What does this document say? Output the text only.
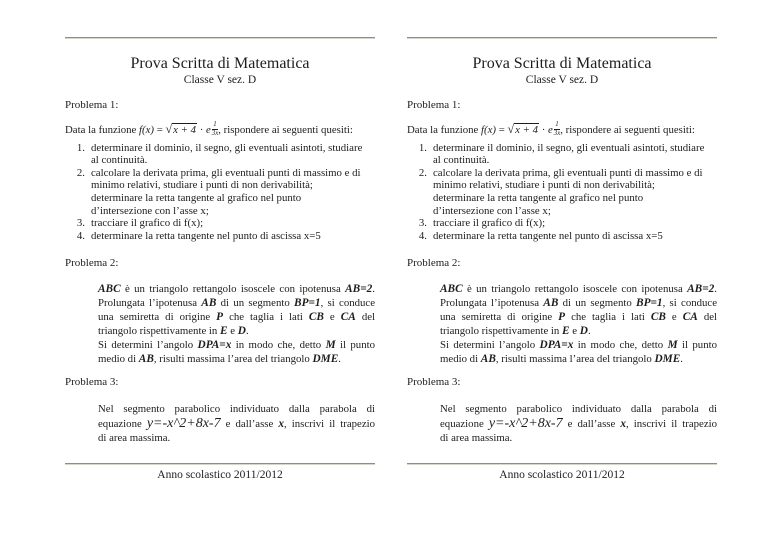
Prova Scritta di Matematica
Classe V sez. D
Problema 1:
Data la funzione f(x) = √x + 4 · e $\frac{1}{3x}$ , rispondere ai seguenti quesiti:
1. determinare il dominio, il segno, gli eventuali asintoti, studiare
al continuità.
2. calcolare la derivata prima, gli eventuali punti di massimo e di
minimo relativi, studiare i punti di non derivabilità;
determinare la retta tangente al grafico nel punto
d’intersezione con l’asse x;
3. tracciare il grafico di f(x);
4. determinare la retta tangente nel punto di ascissa x=5
Problema 2:
ABC è un triangolo rettangolo isoscele con ipotenusa AB=2.
Prolungata l’ipotenusa AB di un segmento BP=1, si conduce
una semiretta di origine P che taglia i lati CB e CA del
triangolo rispettivamente in E e D.
Si determini l’angolo DPA=x in modo che, detto M il punto
medio di AB, risulti massima l’area del triangolo DME.
Problema 3:
Nel segmento parabolico individuato dalla parabola di
equazione y=-x^2+8x-7 e dall’asse x, inscrivi il trapezio
di area massima.
Anno scolastico 2011/2012
Prova Scritta di Matematica
Classe V sez. D
Problema 1:
Data la funzione f(x) = √x + 4 · e $\frac{1}{3x}$ , rispondere ai seguenti quesiti:
1. determinare il dominio, il segno, gli eventuali asintoti, studiare
al continuità.
2. calcolare la derivata prima, gli eventuali punti di massimo e di
minimo relativi, studiare i punti di non derivabilità;
determinare la retta tangente al grafico nel punto
d’intersezione con l’asse x;
3. tracciare il grafico di f(x);
4. determinare la retta tangente nel punto di ascissa x=5
Problema 2:
ABC è un triangolo rettangolo isoscele con ipotenusa AB=2.
Prolungata l’ipotenusa AB di un segmento BP=1, si conduce
una semiretta di origine P che taglia i lati CB e CA del
triangolo rispettivamente in E e D.
Si determini l’angolo DPA=x in modo che, detto M il punto
medio di AB, risulti massima l’area del triangolo DME.
Problema 3:
Nel segmento parabolico individuato dalla parabola di
equazione y=-x^2+8x-7 e dall’asse x, inscrivi il trapezio
di area massima.
Anno scolastico 2011/2012
